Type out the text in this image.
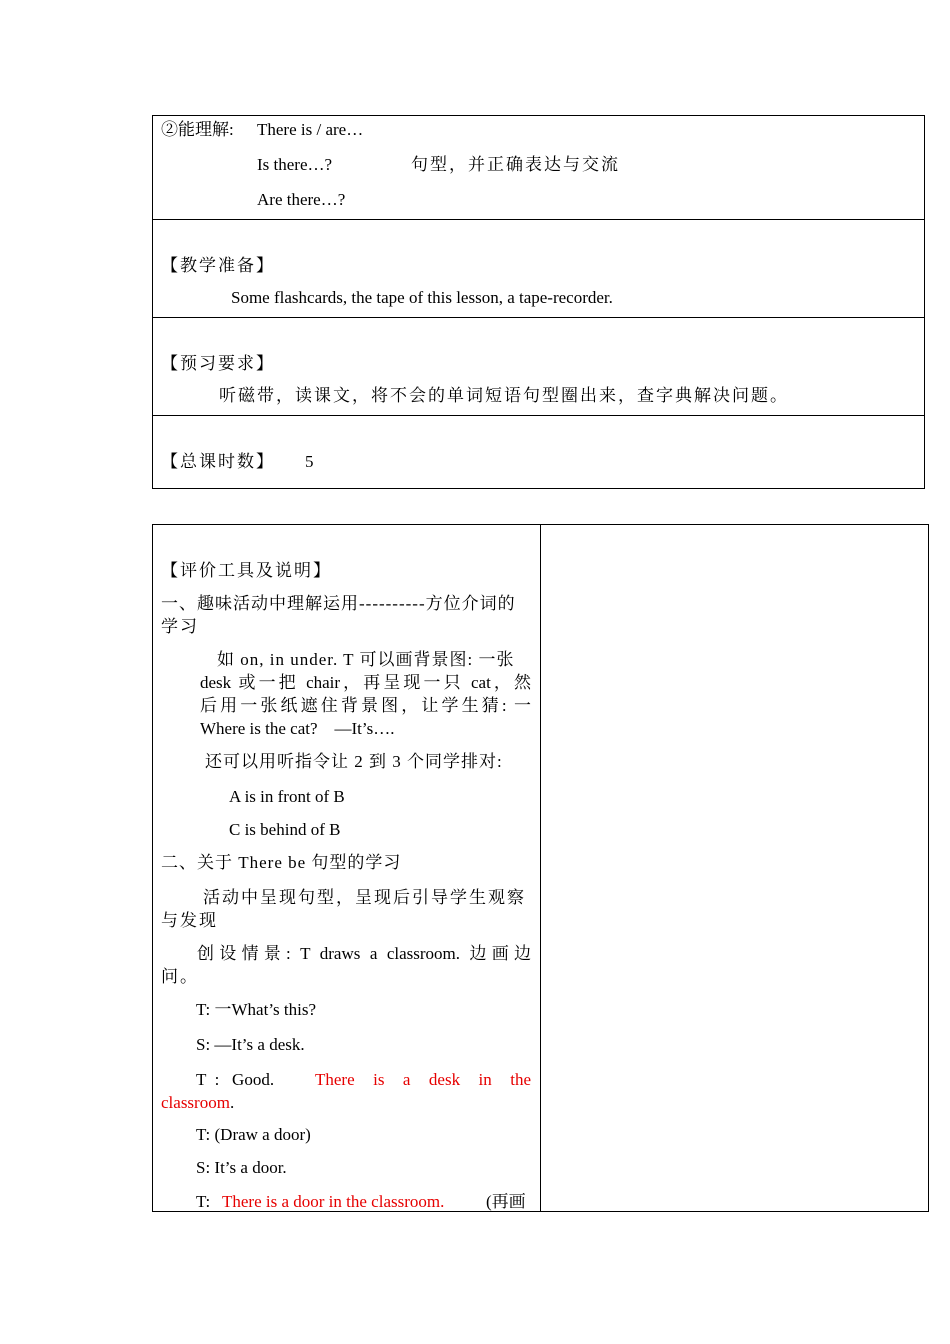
②能理解: There is / are…
Is there…?	句型，并正确表达与交流
Are there…?
【教学准备】
Some flashcards, the tape of this lesson, a tape-recorder.
【预习要求】
听磁带，读课文，将不会的单词短语句型圈出来，查字典解决问题。
【总课时数】 5
【评价工具及说明】
一、趣味活动中理解运用----------方位介词的
学习
如 on, in under. T 可以画背景图: 一张
desk 或一把 chair，再呈现一只 cat，然
后用一张纸遮住背景图，让学生猜: 一
Where is the cat?　—It’s….
还可以用听指令让 2 到 3 个同学排对:
A is in front of B
C is behind of B
二、关于 There be 句型的学习
活动中呈现句型，呈现后引导学生观察
与发现
创设情景: T draws a classroom. 边画边
问。
T: 一What’s this?
S: —It’s a desk.
T  :   Good. There  is  a  desk  in  the
classroom.
T: (Draw a door)
S: It’s a door.
T: There is a door in the classroom. (再画
